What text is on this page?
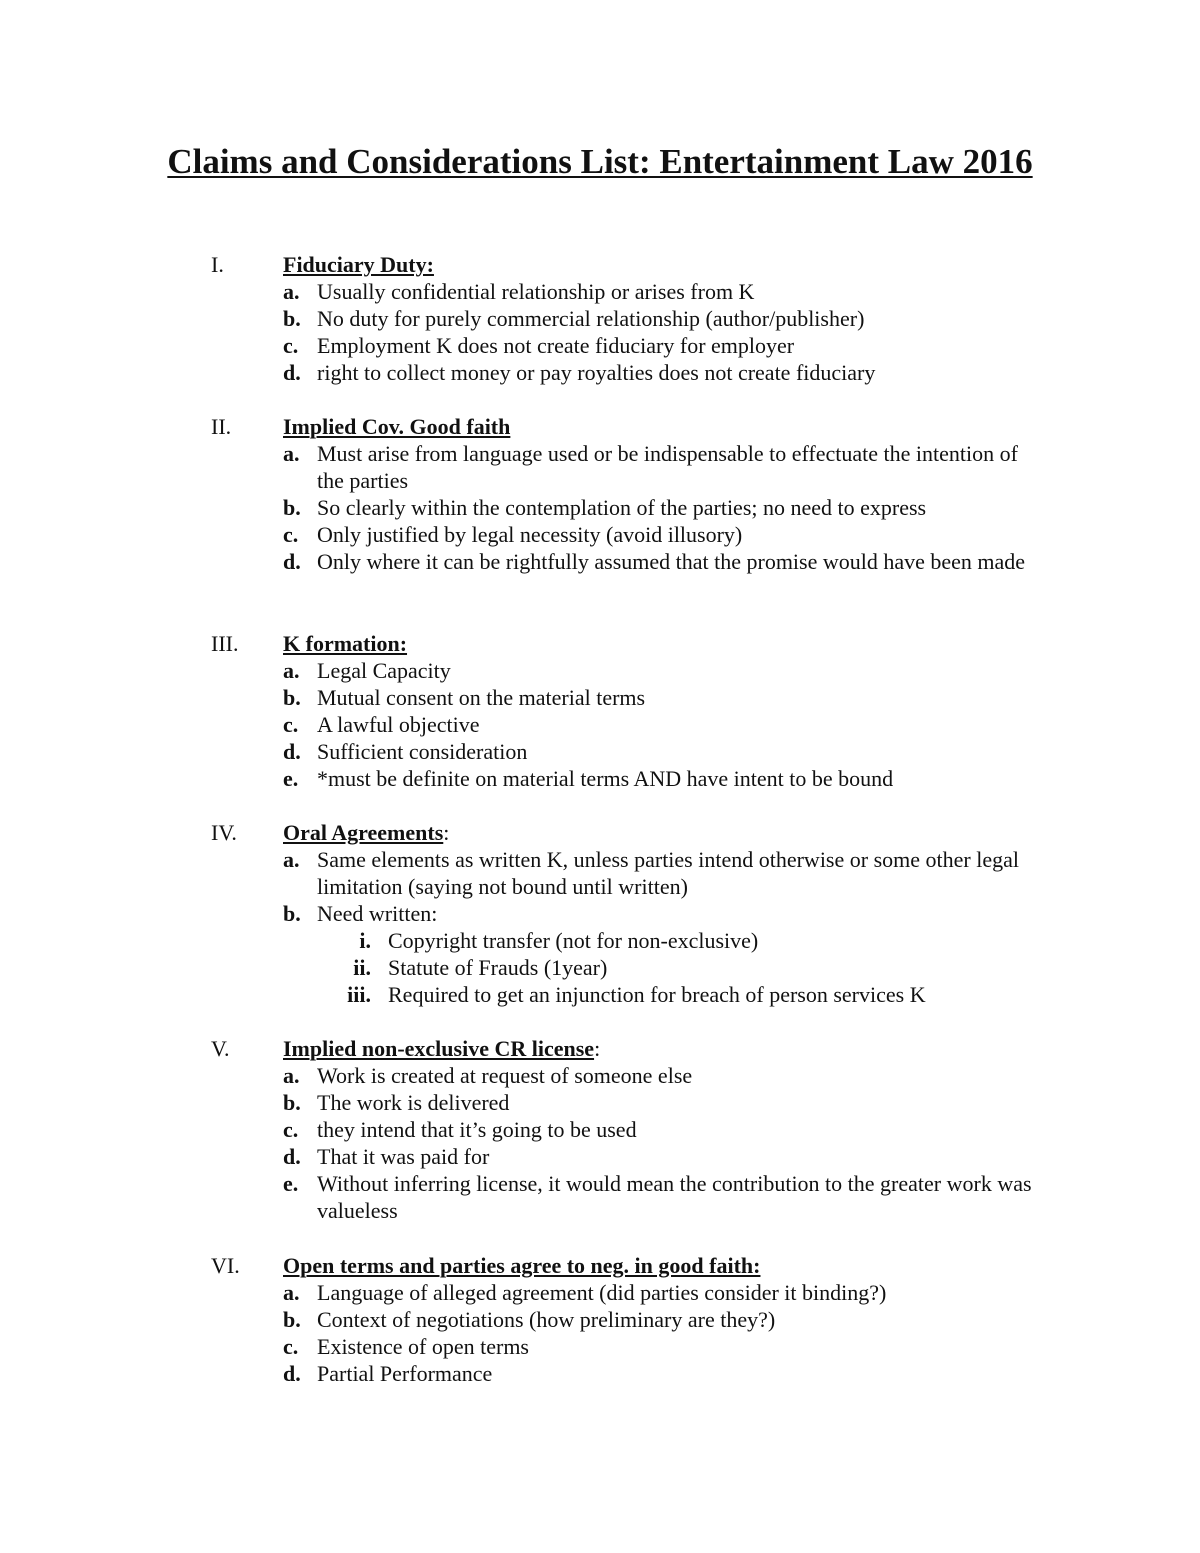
Claims and Considerations List: Entertainment Law 2016
I.	Fiduciary Duty:
a. Usually confidential relationship or arises from K
b. No duty for purely commercial relationship (author/publisher)
c. Employment K does not create fiduciary for employer
d. right to collect money or pay royalties does not create fiduciary
II. Implied Cov. Good faith
a. Must arise from language used or be indispensable to effectuate the intention of the parties
b. So clearly within the contemplation of the parties; no need to express
c. Only justified by legal necessity (avoid illusory)
d. Only where it can be rightfully assumed that the promise would have been made
III. K formation:
a. Legal Capacity
b. Mutual consent on the material terms
c. A lawful objective
d. Sufficient consideration
e. *must be definite on material terms AND have intent to be bound
IV. Oral Agreements:
a. Same elements as written K, unless parties intend otherwise or some other legal limitation (saying not bound until written)
b. Need written:
i. Copyright transfer (not for non-exclusive)
ii. Statute of Frauds (1year)
iii. Required to get an injunction for breach of person services K
V. Implied non-exclusive CR license:
a. Work is created at request of someone else
b. The work is delivered
c. they intend that it’s going to be used
d. That it was paid for
e. Without inferring license, it would mean the contribution to the greater work was valueless
VI. Open terms and parties agree to neg. in good faith:
a. Language of alleged agreement (did parties consider it binding?)
b. Context of negotiations (how preliminary are they?)
c. Existence of open terms
d. Partial Performance
